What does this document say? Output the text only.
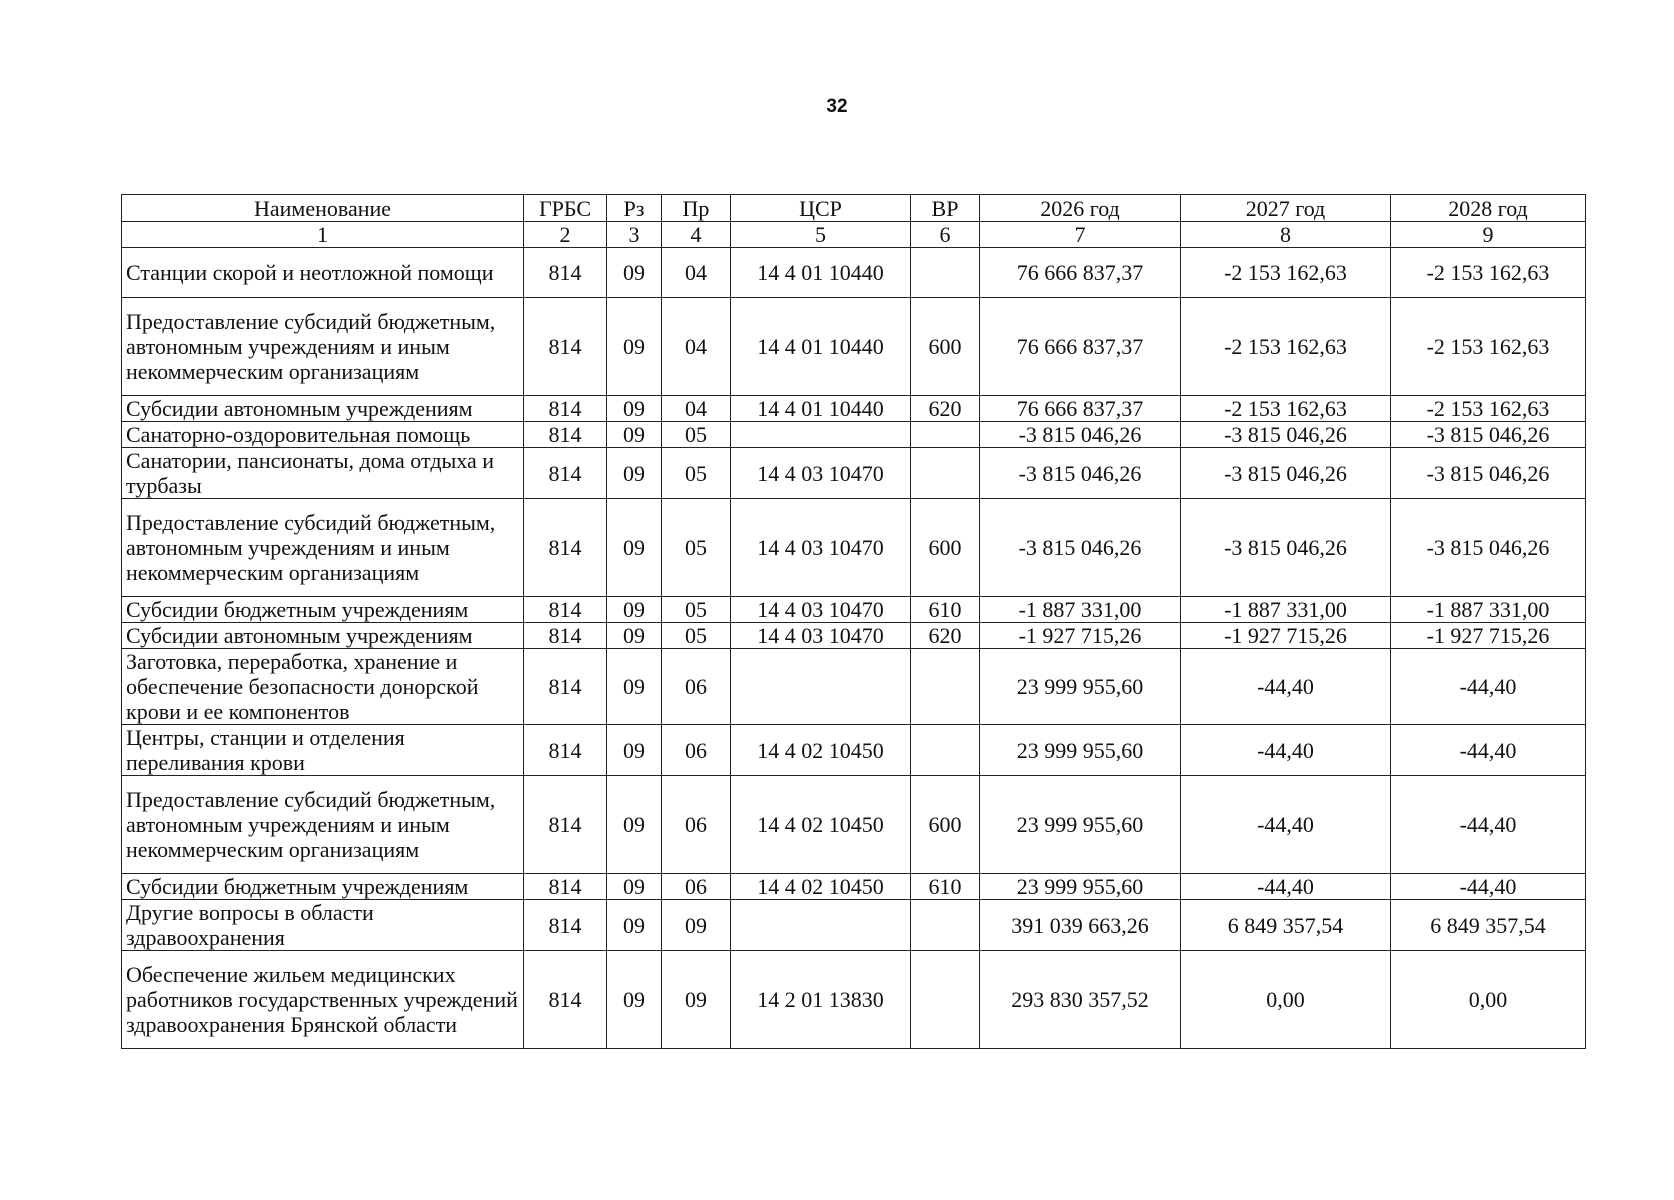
32
Наименование	ГРБС	Рз	Пр	ЦСР	ВР	2026 год	2027 год	2028 год
1	2	3	4	5	6	7	8	9
Станции скорой и неотложной помощи	814	09	04	14 4 01 10440		76 666 837,37	-2 153 162,63	-2 153 162,63
Предоставление субсидий бюджетным, автономным учреждениям и иным некоммерческим организациям	814	09	04	14 4 01 10440	600	76 666 837,37	-2 153 162,63	-2 153 162,63
Субсидии автономным учреждениям	814	09	04	14 4 01 10440	620	76 666 837,37	-2 153 162,63	-2 153 162,63
Санаторно-оздоровительная помощь	814	09	05			-3 815 046,26	-3 815 046,26	-3 815 046,26
Санатории, пансионаты, дома отдыха и турбазы	814	09	05	14 4 03 10470		-3 815 046,26	-3 815 046,26	-3 815 046,26
Предоставление субсидий бюджетным, автономным учреждениям и иным некоммерческим организациям	814	09	05	14 4 03 10470	600	-3 815 046,26	-3 815 046,26	-3 815 046,26
Субсидии бюджетным учреждениям	814	09	05	14 4 03 10470	610	-1 887 331,00	-1 887 331,00	-1 887 331,00
Субсидии автономным учреждениям	814	09	05	14 4 03 10470	620	-1 927 715,26	-1 927 715,26	-1 927 715,26
Заготовка, переработка, хранение и обеспечение безопасности донорской крови и ее компонентов	814	09	06			23 999 955,60	-44,40	-44,40
Центры, станции и отделения переливания крови	814	09	06	14 4 02 10450		23 999 955,60	-44,40	-44,40
Предоставление субсидий бюджетным, автономным учреждениям и иным некоммерческим организациям	814	09	06	14 4 02 10450	600	23 999 955,60	-44,40	-44,40
Субсидии бюджетным учреждениям	814	09	06	14 4 02 10450	610	23 999 955,60	-44,40	-44,40
Другие вопросы в области здравоохранения	814	09	09			391 039 663,26	6 849 357,54	6 849 357,54
Обеспечение жильем медицинских работников государственных учреждений здравоохранения Брянской области	814	09	09	14 2 01 13830		293 830 357,52	0,00	0,00
